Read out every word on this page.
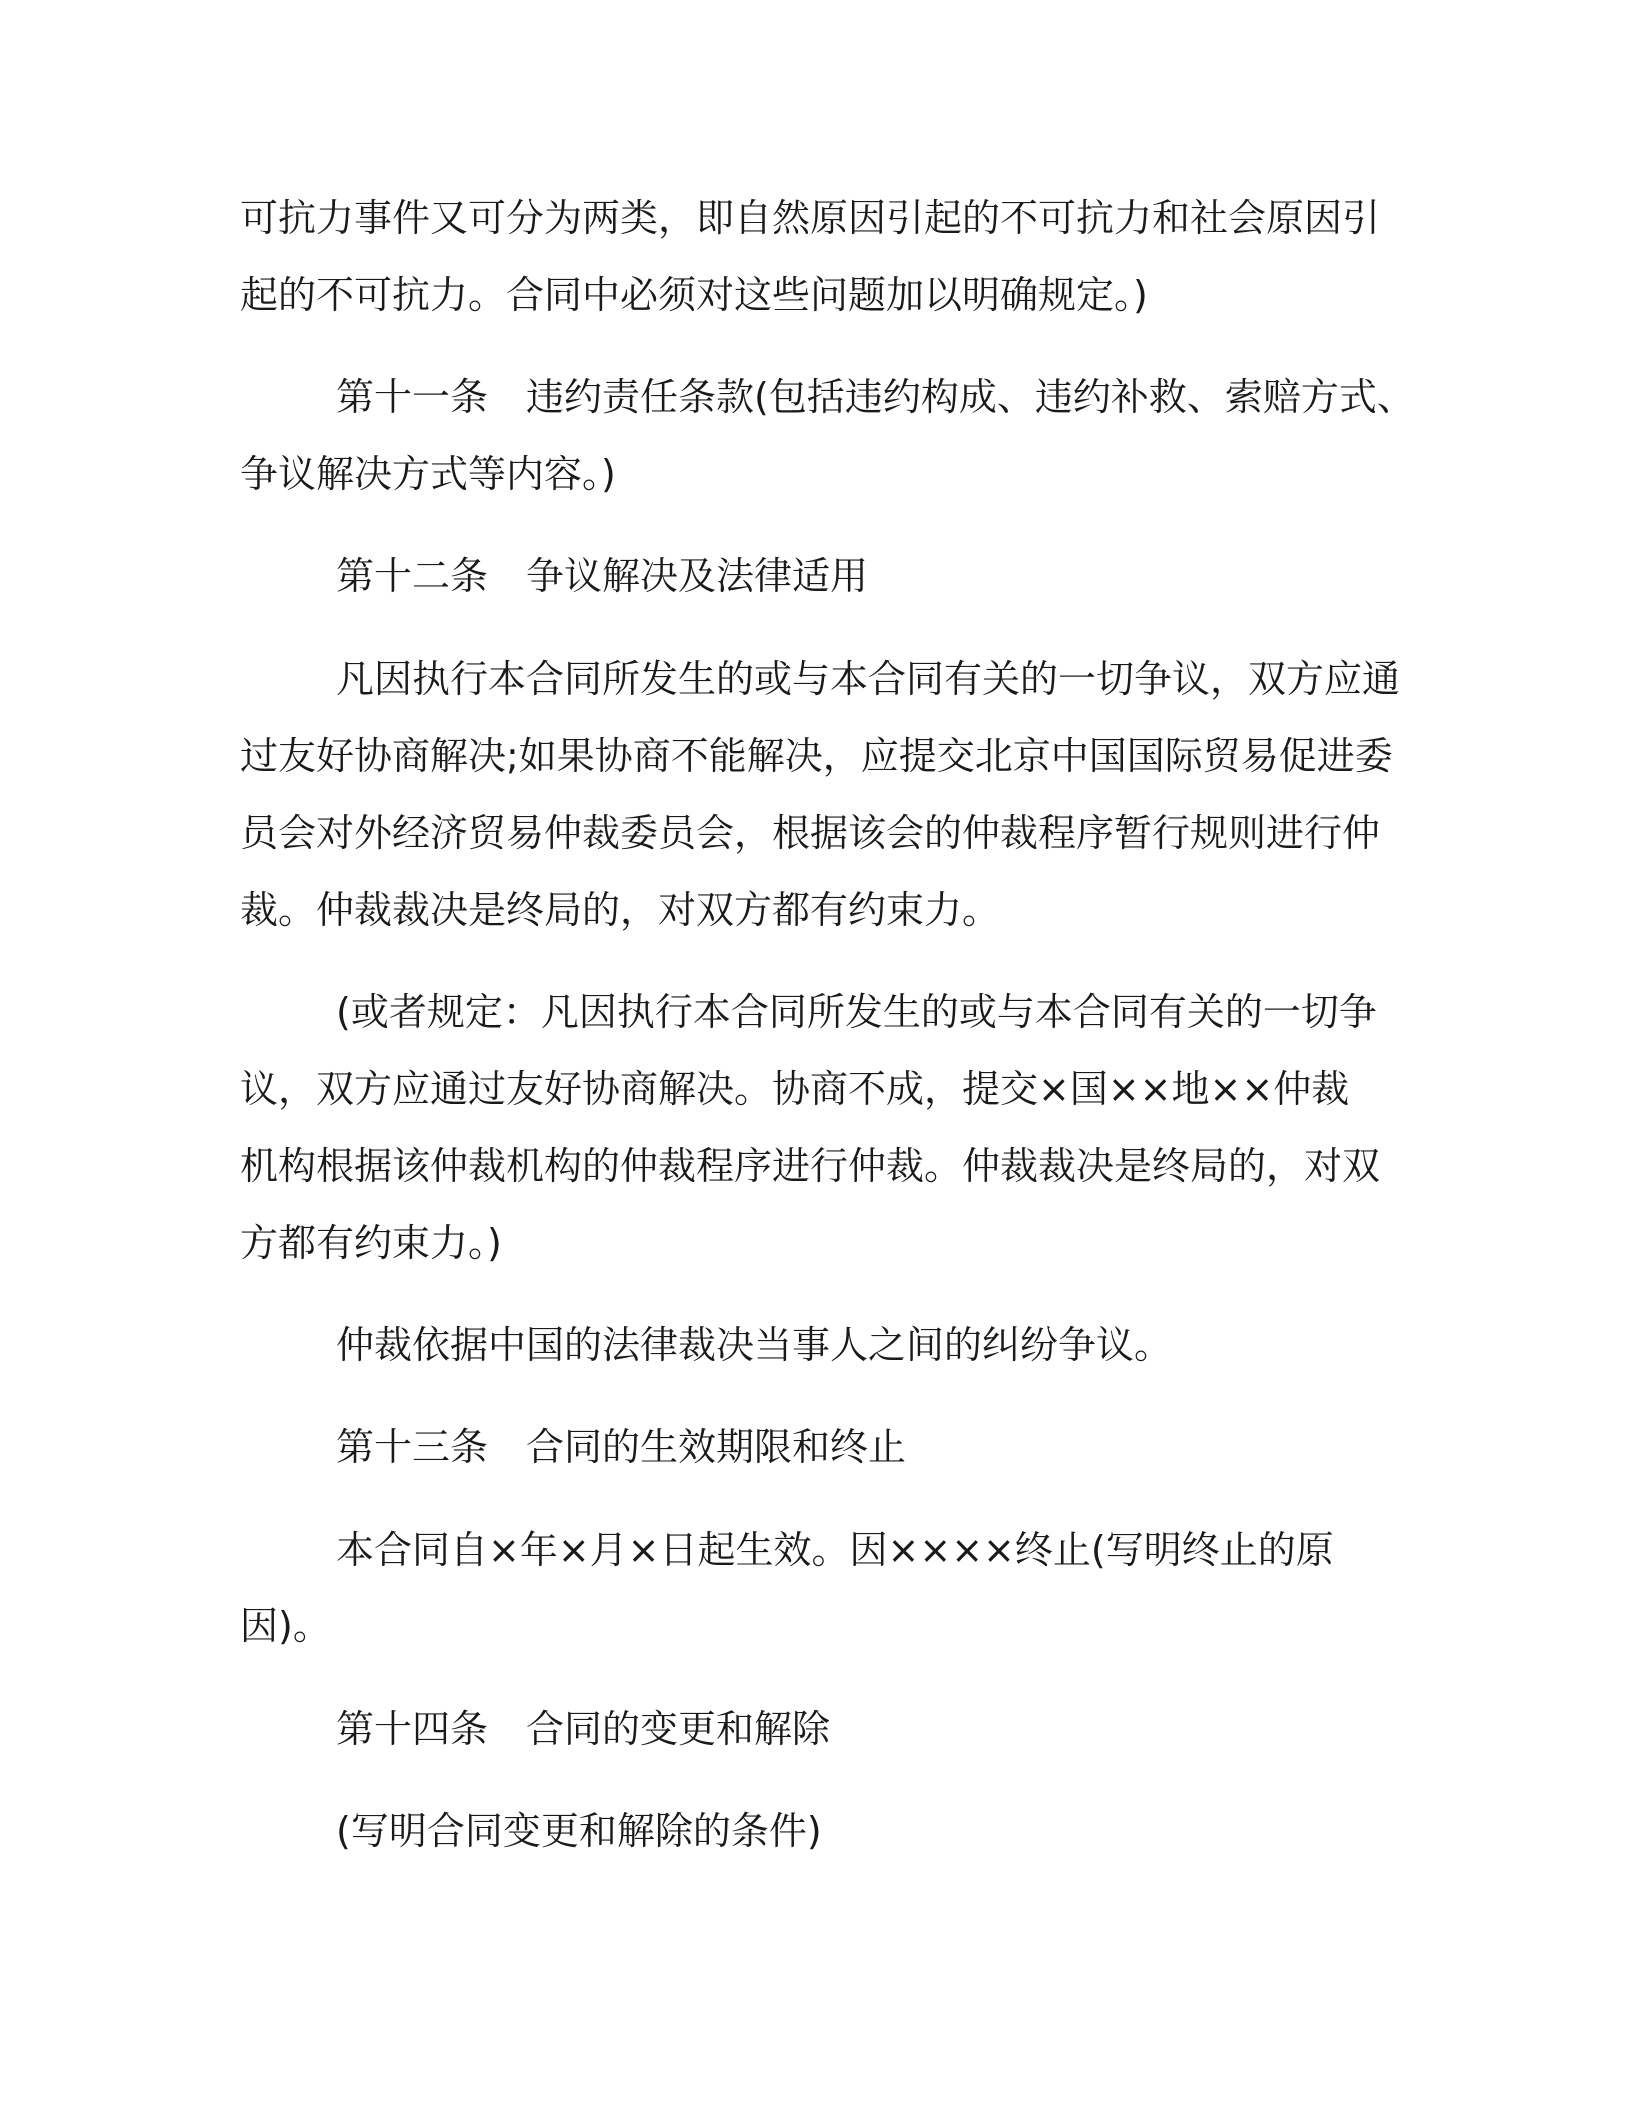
可抗力事件又可分为两类，即自然原因引起的不可抗力和社会原因引
起的不可抗力。合同中必须对这些问题加以明确规定。)
第十一条 违约责任条款(包括违约构成、违约补救、索赔方式、
争议解决方式等内容。)
第十二条 争议解决及法律适用
凡因执行本合同所发生的或与本合同有关的一切争议，双方应通
过友好协商解决;如果协商不能解决，应提交北京中国国际贸易促进委
员会对外经济贸易仲裁委员会，根据该会的仲裁程序暂行规则进行仲
裁。仲裁裁决是终局的，对双方都有约束力。
(或者规定：凡因执行本合同所发生的或与本合同有关的一切争
议，双方应通过友好协商解决。协商不成，提交×国××地××仲裁
机构根据该仲裁机构的仲裁程序进行仲裁。仲裁裁决是终局的，对双
方都有约束力。)
仲裁依据中国的法律裁决当事人之间的纠纷争议。
第十三条 合同的生效期限和终止
本合同自×年×月×日起生效。因××××终止(写明终止的原
因)。
第十四条 合同的变更和解除
(写明合同变更和解除的条件)
